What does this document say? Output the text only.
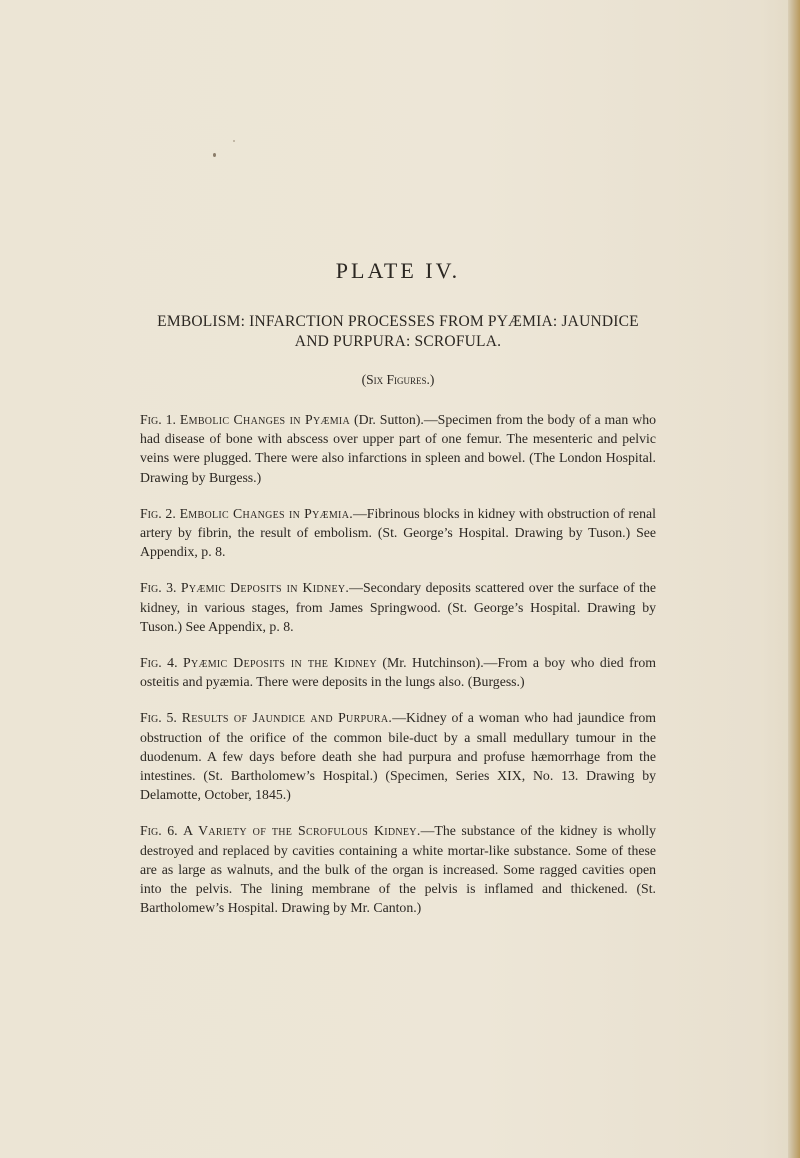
PLATE IV.
EMBOLISM: INFARCTION PROCESSES FROM PYÆMIA: JAUNDICE AND PURPURA: SCROFULA.
(Six Figures.)

Fig. 1. Embolic Changes in Pyæmia (Dr. Sutton).—Specimen from the body of a man who had disease of bone with abscess over upper part of one femur. The mesenteric and pelvic veins were plugged. There were also infarctions in spleen and bowel. (The London Hospital. Drawing by Burgess.)

Fig. 2. Embolic Changes in Pyæmia.—Fibrinous blocks in kidney with obstruction of renal artery by fibrin, the result of embolism. (St. George’s Hospital. Drawing by Tuson.) See Appendix, p. 8.

Fig. 3. Pyæmic Deposits in Kidney.—Secondary deposits scattered over the surface of the kidney, in various stages, from James Springwood. (St. George’s Hospital. Drawing by Tuson.) See Appendix, p. 8.

Fig. 4. Pyæmic Deposits in the Kidney (Mr. Hutchinson).—From a boy who died from osteitis and pyæmia. There were deposits in the lungs also. (Burgess.)

Fig. 5. Results of Jaundice and Purpura.—Kidney of a woman who had jaundice from obstruction of the orifice of the common bile-duct by a small medullary tumour in the duodenum. A few days before death she had purpura and profuse hæmorrhage from the intestines. (St. Bartholomew’s Hospital.) (Specimen, Series XIX, No. 13. Drawing by Delamotte, October, 1845.)

Fig. 6. A Variety of the Scrofulous Kidney.—The substance of the kidney is wholly destroyed and replaced by cavities containing a white mortar-like substance. Some of these are as large as walnuts, and the bulk of the organ is increased. Some ragged cavities open into the pelvis. The lining membrane of the pelvis is inflamed and thickened. (St. Bartholomew’s Hospital. Drawing by Mr. Canton.)
